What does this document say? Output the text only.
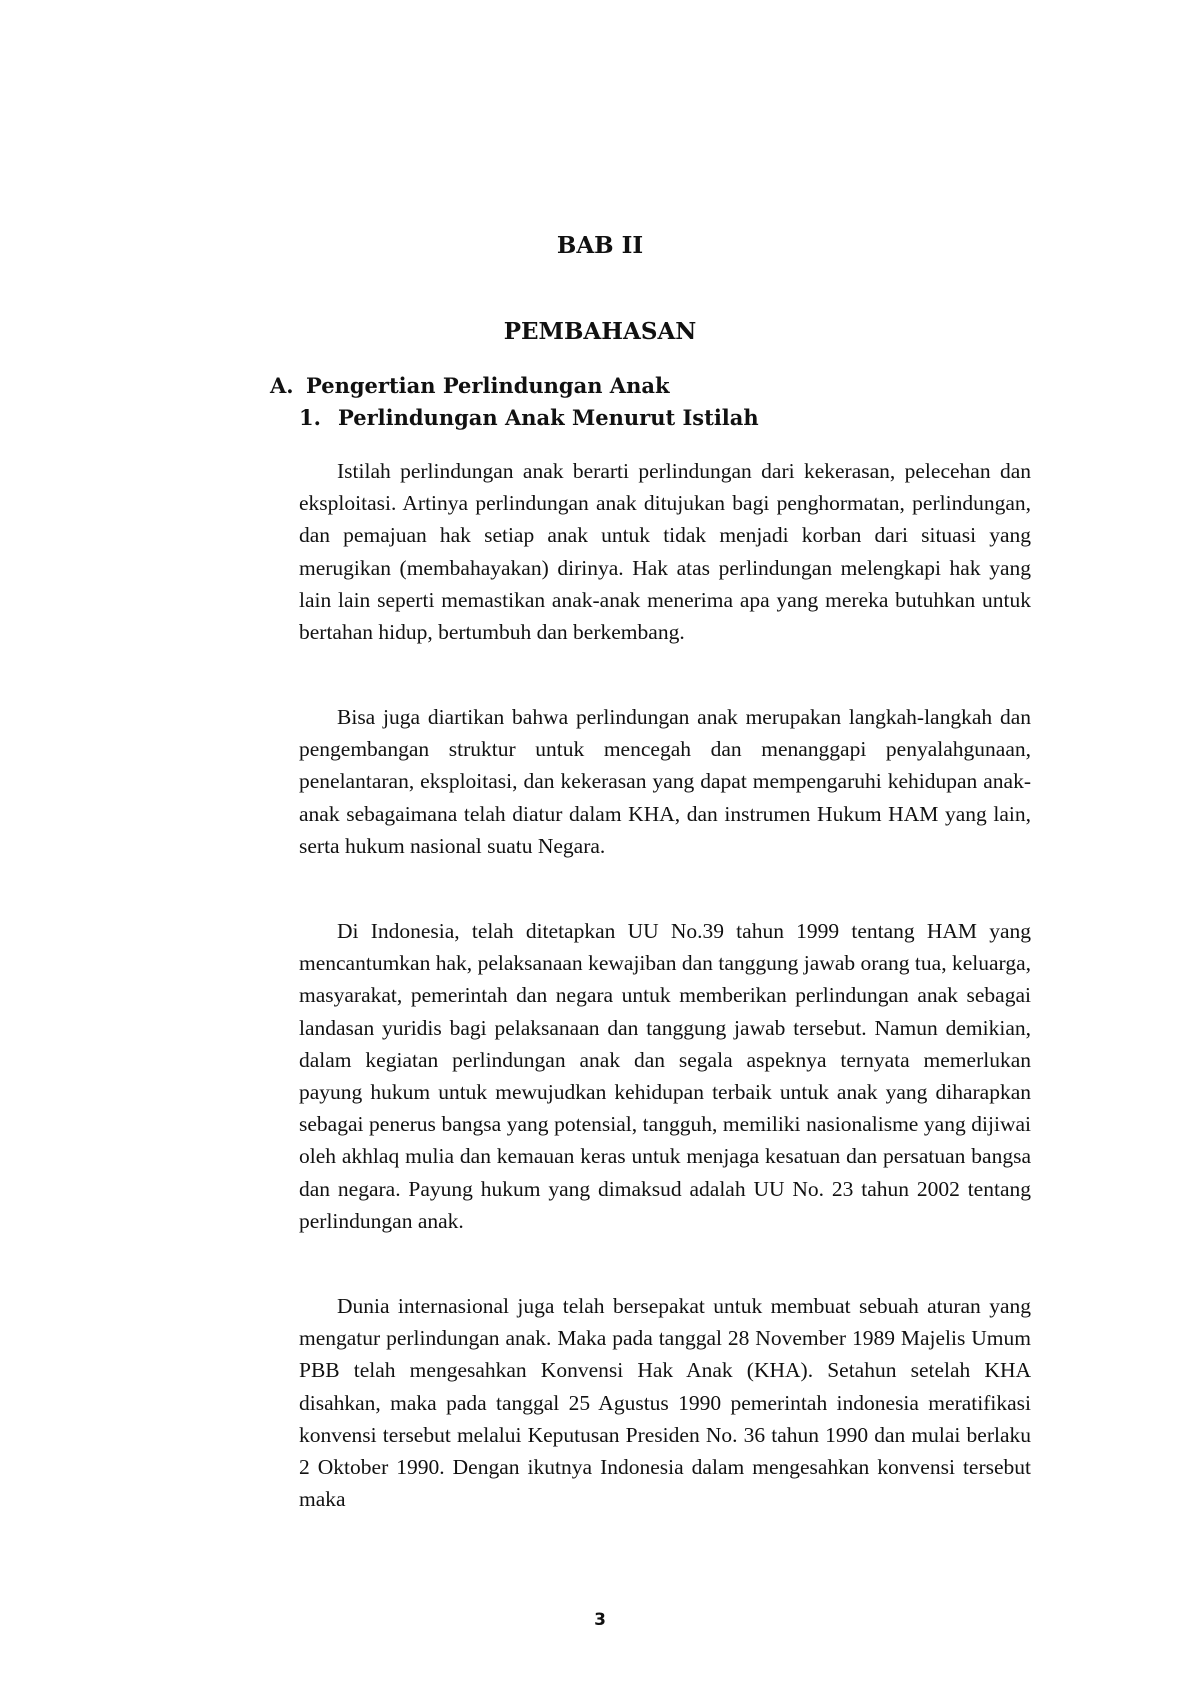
BAB II
PEMBAHASAN
A. Pengertian Perlindungan Anak
1. Perlindungan Anak Menurut Istilah

Istilah perlindungan anak berarti perlindungan dari kekerasan, pelecehan dan eksploitasi. Artinya perlindungan anak ditujukan bagi penghormatan, perlindungan, dan pemajuan hak setiap anak untuk tidak menjadi korban dari situasi yang merugikan (membahayakan) dirinya. Hak atas perlindungan melengkapi hak yang lain lain seperti memastikan anak-anak menerima apa yang mereka butuhkan untuk bertahan hidup, bertumbuh dan berkembang.

Bisa juga diartikan bahwa perlindungan anak merupakan langkah-langkah dan pengembangan struktur untuk mencegah dan menanggapi penyalahgunaan, penelantaran, eksploitasi, dan kekerasan yang dapat mempengaruhi kehidupan anak-anak sebagaimana telah diatur dalam KHA, dan instrumen Hukum HAM yang lain, serta hukum nasional suatu Negara.

Di Indonesia, telah ditetapkan UU No.39 tahun 1999 tentang HAM yang mencantumkan hak, pelaksanaan kewajiban dan tanggung jawab orang tua, keluarga, masyarakat, pemerintah dan negara untuk memberikan perlindungan anak sebagai landasan yuridis bagi pelaksanaan dan tanggung jawab tersebut. Namun demikian, dalam kegiatan perlindungan anak dan segala aspeknya ternyata memerlukan payung hukum untuk mewujudkan kehidupan terbaik untuk anak yang diharapkan sebagai penerus bangsa yang potensial, tangguh, memiliki nasionalisme yang dijiwai oleh akhlaq mulia dan kemauan keras untuk menjaga kesatuan dan persatuan bangsa dan negara. Payung hukum yang dimaksud adalah UU No. 23 tahun 2002 tentang perlindungan anak.

Dunia internasional juga telah bersepakat untuk membuat sebuah aturan yang mengatur perlindungan anak. Maka pada tanggal 28 November 1989 Majelis Umum PBB telah mengesahkan Konvensi Hak Anak (KHA). Setahun setelah KHA disahkan, maka pada tanggal 25 Agustus 1990 pemerintah indonesia meratifikasi konvensi tersebut melalui Keputusan Presiden No. 36 tahun 1990 dan mulai berlaku 2 Oktober 1990. Dengan ikutnya Indonesia dalam mengesahkan konvensi tersebut maka

3
